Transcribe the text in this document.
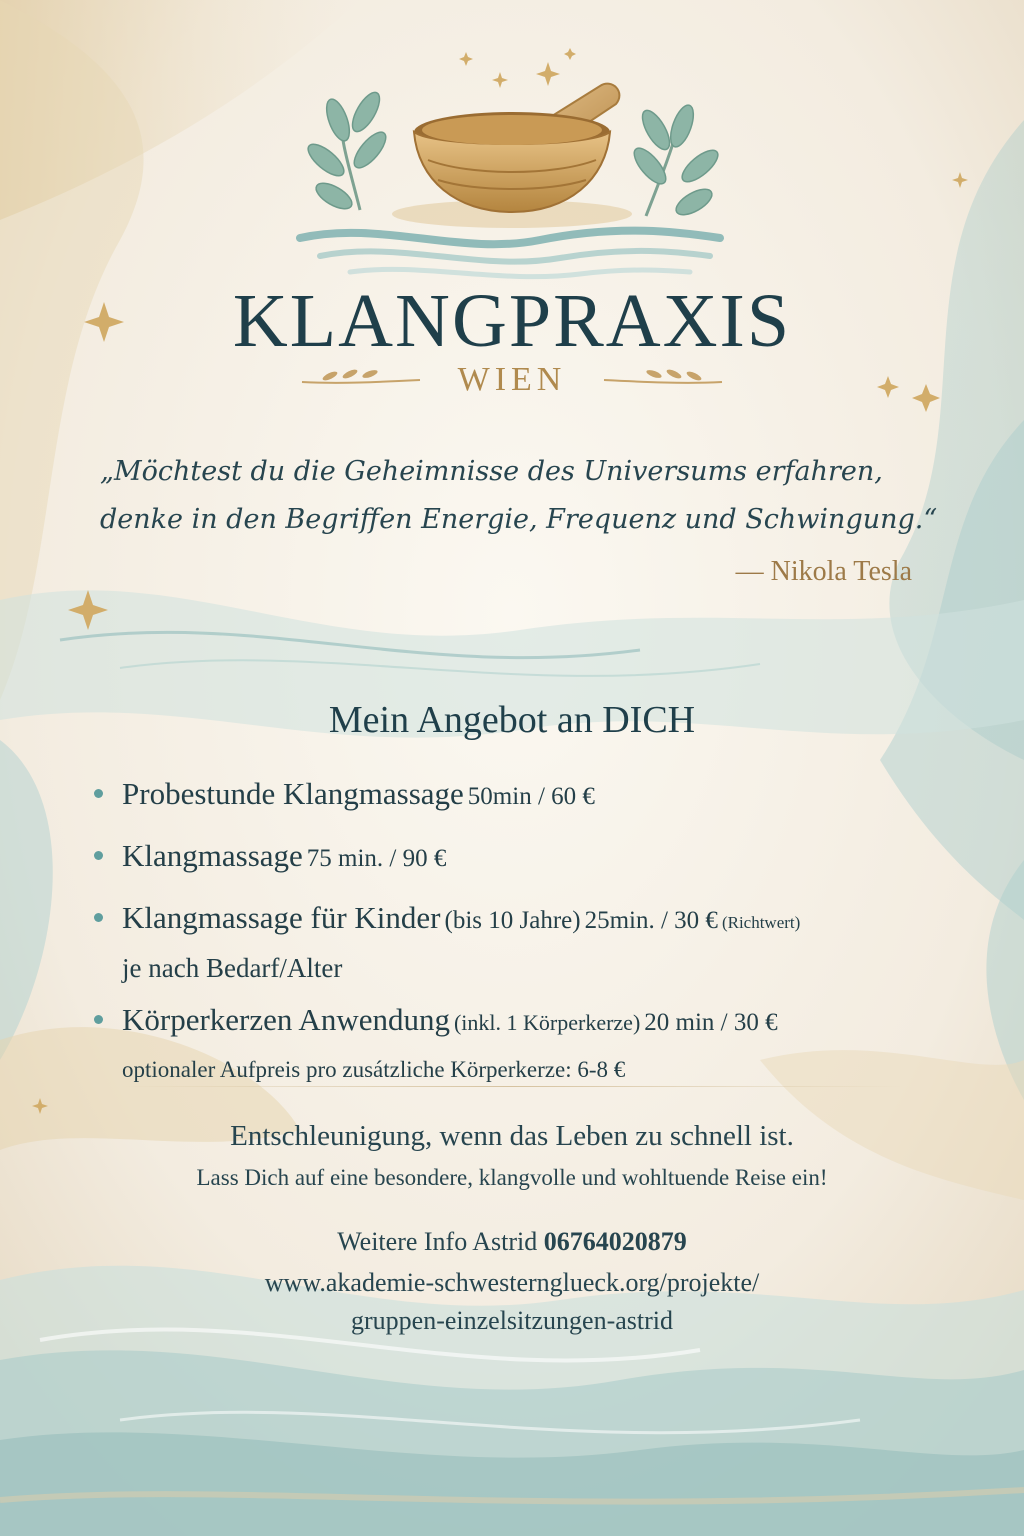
KLANGPRAXIS
WIEN
„Möchtest du die Geheimnisse des Universums erfahren,
denke in den Begriffen Energie, Frequenz und Schwingung.“
— Nikola Tesla
Mein Angebot an DICH
Probestunde Klangmassage 50min / 60 €
Klangmassage 75 min. / 90 €
Klangmassage für Kinder (bis 10 Jahre) 25min. / 30 € (Richtwert)
je nach Bedarf/Alter
Körperkerzen Anwendung (inkl. 1 Körperkerze) 20 min / 30 €
optionaler Aufpreis pro zusátzliche Körperkerze: 6-8 €
Entschleunigung, wenn das Leben zu schnell ist.
Lass Dich auf eine besondere, klangvolle und wohltuende Reise ein!
Weitere Info Astrid 06764020879
www.akademie-schwesternglueck.org/projekte/
gruppen-einzelsitzungen-astrid
